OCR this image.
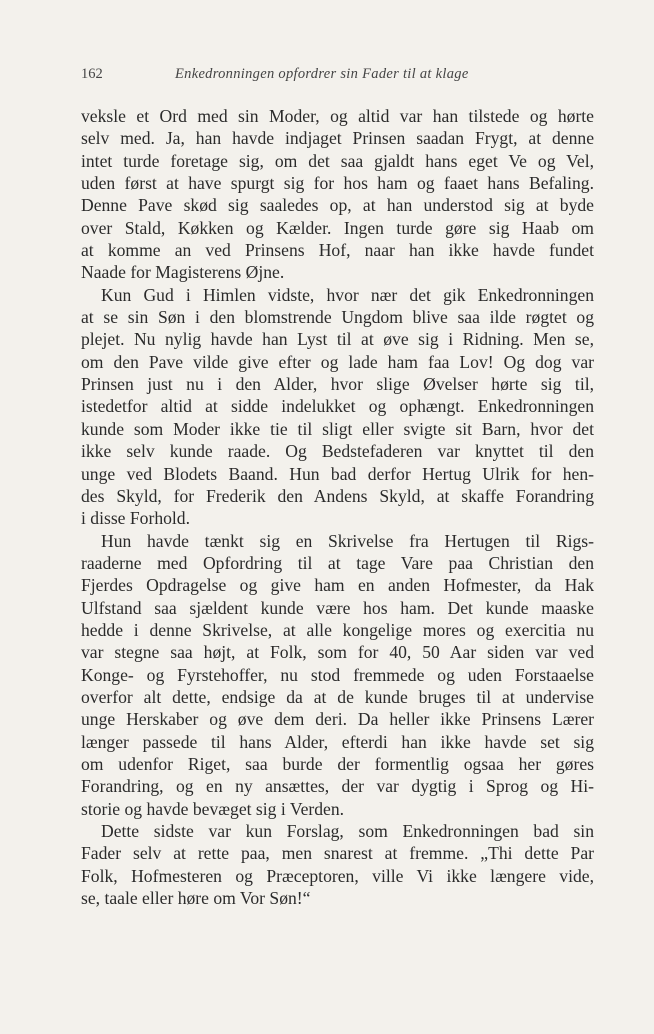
162	Enkedronningen opfordrer sin Fader til at klage
veksle et Ord med sin Moder, og altid var han tilstede og hørte
selv med. Ja, han havde indjaget Prinsen saadan Frygt, at denne
intet turde foretage sig, om det saa gjaldt hans eget Ve og Vel,
uden først at have spurgt sig for hos ham og faaet hans Befaling.
Denne Pave skød sig saaledes op, at han understod sig at byde
over Stald, Køkken og Kælder. Ingen turde gøre sig Haab om
at komme an ved Prinsens Hof, naar han ikke havde fundet
Naade for Magisterens Øjne.
Kun Gud i Himlen vidste, hvor nær det gik Enkedronningen
at se sin Søn i den blomstrende Ungdom blive saa ilde røgtet og
plejet. Nu nylig havde han Lyst til at øve sig i Ridning. Men se,
om den Pave vilde give efter og lade ham faa Lov! Og dog var
Prinsen just nu i den Alder, hvor slige Øvelser hørte sig til,
istedetfor altid at sidde indelukket og ophængt. Enkedronningen
kunde som Moder ikke tie til sligt eller svigte sit Barn, hvor det
ikke selv kunde raade. Og Bedstefaderen var knyttet til den
unge ved Blodets Baand. Hun bad derfor Hertug Ulrik for hen-
des Skyld, for Frederik den Andens Skyld, at skaffe Forandring
i disse Forhold.
Hun havde tænkt sig en Skrivelse fra Hertugen til Rigs-
raaderne med Opfordring til at tage Vare paa Christian den
Fjerdes Opdragelse og give ham en anden Hofmester, da Hak
Ulfstand saa sjældent kunde være hos ham. Det kunde maaske
hedde i denne Skrivelse, at alle kongelige mores og exercitia nu
var stegne saa højt, at Folk, som for 40, 50 Aar siden var ved
Konge- og Fyrstehoffer, nu stod fremmede og uden Forstaaelse
overfor alt dette, endsige da at de kunde bruges til at undervise
unge Herskaber og øve dem deri. Da heller ikke Prinsens Lærer
længer passede til hans Alder, efterdi han ikke havde set sig
om udenfor Riget, saa burde der formentlig ogsaa her gøres
Forandring, og en ny ansættes, der var dygtig i Sprog og Hi-
storie og havde bevæget sig i Verden.
Dette sidste var kun Forslag, som Enkedronningen bad sin
Fader selv at rette paa, men snarest at fremme. „Thi dette Par
Folk, Hofmesteren og Præceptoren, ville Vi ikke længere vide,
se, taale eller høre om Vor Søn!“
